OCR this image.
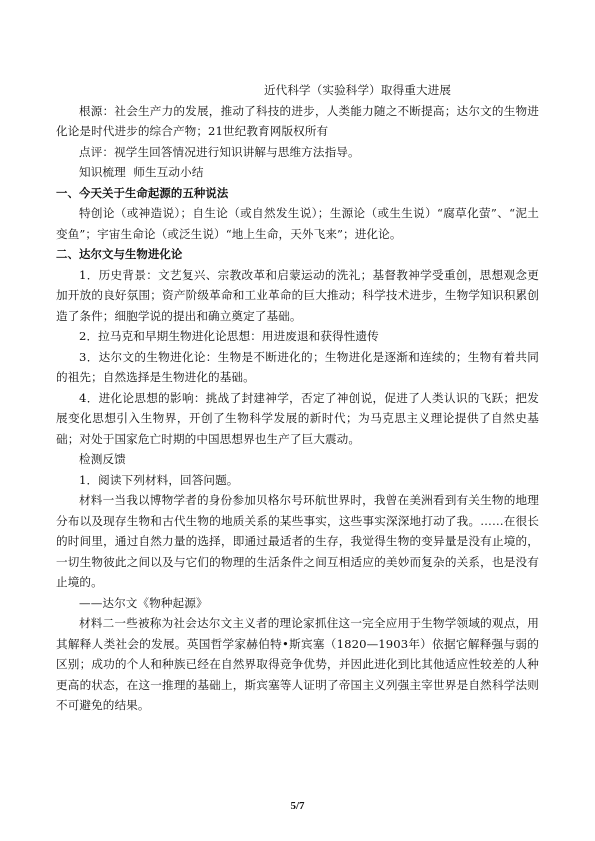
近代科学（实验科学）取得重大进展

根源：社会生产力的发展，推动了科技的进步，人类能力随之不断提高；达尔文的生物进化论是时代进步的综合产物；21世纪教育网版权所有

点评：视学生回答情况进行知识讲解与思维方法指导。

知识梳理  师生互动小结

一、今天关于生命起源的五种说法

特创论（或神造说）；自生论（或自然发生说）；生源论（或生生说）“腐草化萤”、“泥土变鱼”；宇宙生命论（或泛生说）“地上生命，天外飞来”；进化论。

二、达尔文与生物进化论

1．历史背景：文艺复兴、宗教改革和启蒙运动的洗礼；基督教神学受重创，思想观念更加开放的良好氛围；资产阶级革命和工业革命的巨大推动；科学技术进步，生物学知识积累创造了条件；细胞学说的提出和确立奠定了基础。

2．拉马克和早期生物进化论思想：用进废退和获得性遗传

3．达尔文的生物进化论：生物是不断进化的；生物进化是逐渐和连续的；生物有着共同的祖先；自然选择是生物进化的基础。

4．进化论思想的影响：挑战了封建神学，否定了神创说，促进了人类认识的飞跃；把发展变化思想引入生物界，开创了生物科学发展的新时代；为马克思主义理论提供了自然史基础；对处于国家危亡时期的中国思想界也生产了巨大震动。

检测反馈

1．阅读下列材料，回答问题。

材料一当我以博物学者的身份参加贝格尔号环航世界时，我曾在美洲看到有关生物的地理分布以及现存生物和古代生物的地质关系的某些事实，这些事实深深地打动了我。……在很长的时间里，通过自然力量的选择，即通过最适者的生存，我觉得生物的变异量是没有止境的，一切生物彼此之间以及与它们的物理的生活条件之间互相适应的美妙而复杂的关系，也是没有止境的。

——达尔文《物种起源》

材料二一些被称为社会达尔文主义者的理论家抓住这一完全应用于生物学领域的观点，用其解释人类社会的发展。英国哲学家赫伯特•斯宾塞（1820—1903年）依据它解释强与弱的区别；成功的个人和种族已经在自然界取得竞争优势，并因此进化到比其他适应性较差的人种更高的状态，在这一推理的基础上，斯宾塞等人证明了帝国主义列强主宰世界是自然科学法则不可避免的结果。

5/7
